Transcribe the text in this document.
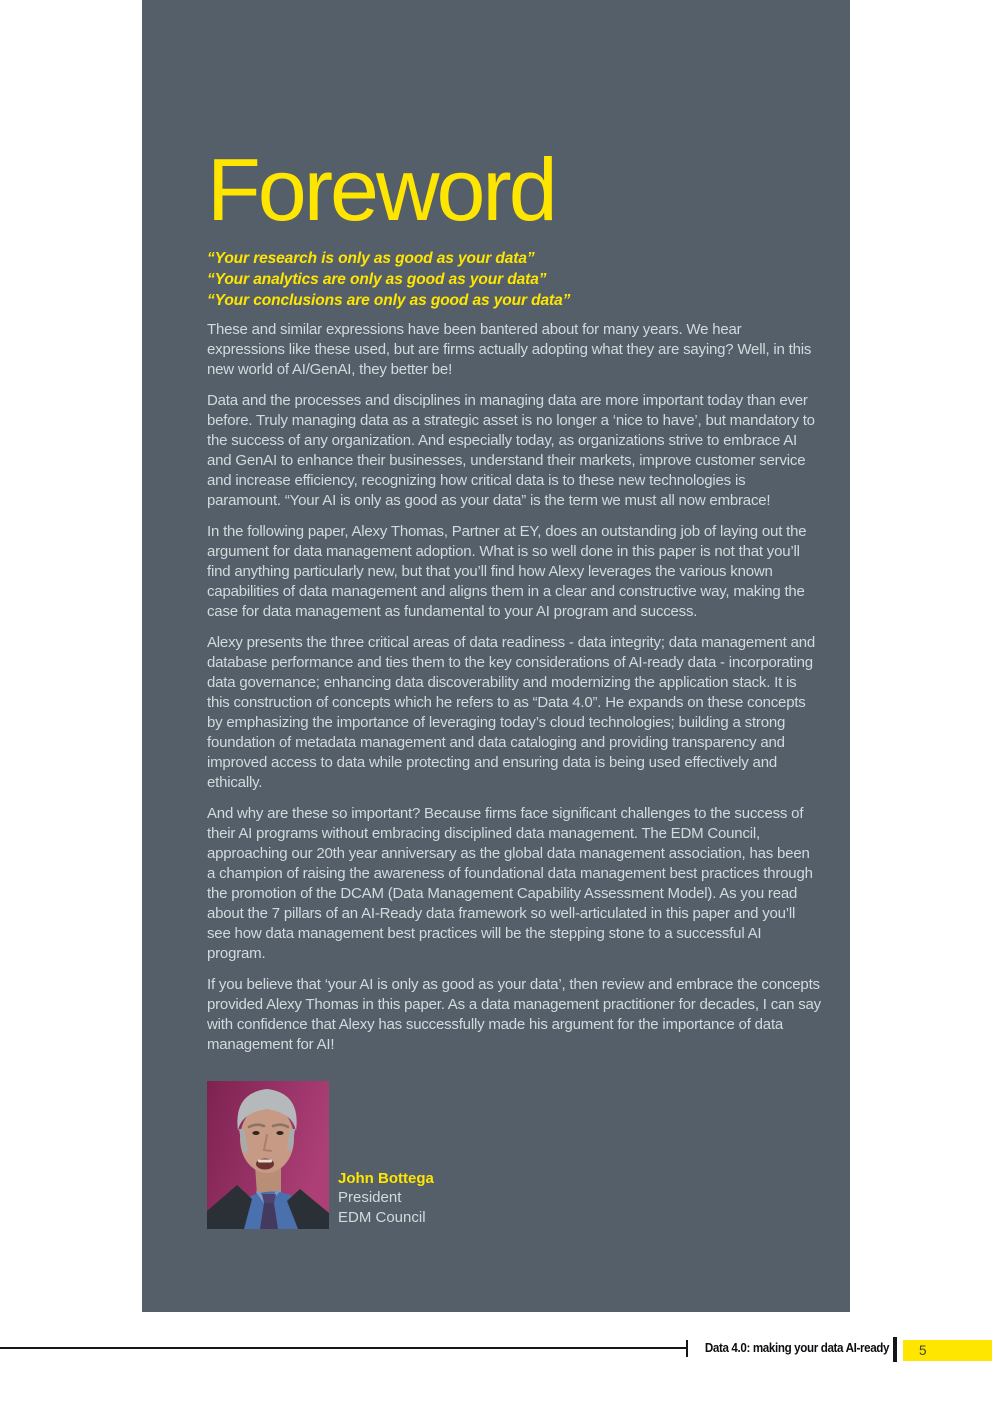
Foreword
“Your research is only as good as your data”
“Your analytics are only as good as your data”
“Your conclusions are only as good as your data”

These and similar expressions have been bantered about for many years. We hear expressions like these used, but are firms actually adopting what they are saying? Well, in this new world of AI/GenAI, they better be!

Data and the processes and disciplines in managing data are more important today than ever before. Truly managing data as a strategic asset is no longer a ‘nice to have’, but mandatory to the success of any organization. And especially today, as organizations strive to embrace AI and GenAI to enhance their businesses, understand their markets, improve customer service and increase efficiency, recognizing how critical data is to these new technologies is paramount. “Your AI is only as good as your data” is the term we must all now embrace!

In the following paper, Alexy Thomas, Partner at EY, does an outstanding job of laying out the argument for data management adoption. What is so well done in this paper is not that you’ll find anything particularly new, but that you’ll find how Alexy leverages the various known capabilities of data management and aligns them in a clear and constructive way, making the case for data management as fundamental to your AI program and success.

Alexy presents the three critical areas of data readiness - data integrity; data management and database performance and ties them to the key considerations of AI-ready data - incorporating data governance; enhancing data discoverability and modernizing the application stack. It is this construction of concepts which he refers to as “Data 4.0”. He expands on these concepts by emphasizing the importance of leveraging today’s cloud technologies; building a strong foundation of metadata management and data cataloging and providing transparency and improved access to data while protecting and ensuring data is being used effectively and ethically.

And why are these so important? Because firms face significant challenges to the success of their AI programs without embracing disciplined data management. The EDM Council, approaching our 20th year anniversary as the global data management association, has been a champion of raising the awareness of foundational data management best practices through the promotion of the DCAM (Data Management Capability Assessment Model). As you read about the 7 pillars of an AI-Ready data framework so well-articulated in this paper and you’ll see how data management best practices will be the stepping stone to a successful AI program.

If you believe that ‘your AI is only as good as your data’, then review and embrace the concepts provided Alexy Thomas in this paper. As a data management practitioner for decades, I can say with confidence that Alexy has successfully made his argument for the importance of data management for AI!

John Bottega
President
EDM Council
Data 4.0: making your data AI-ready 5
